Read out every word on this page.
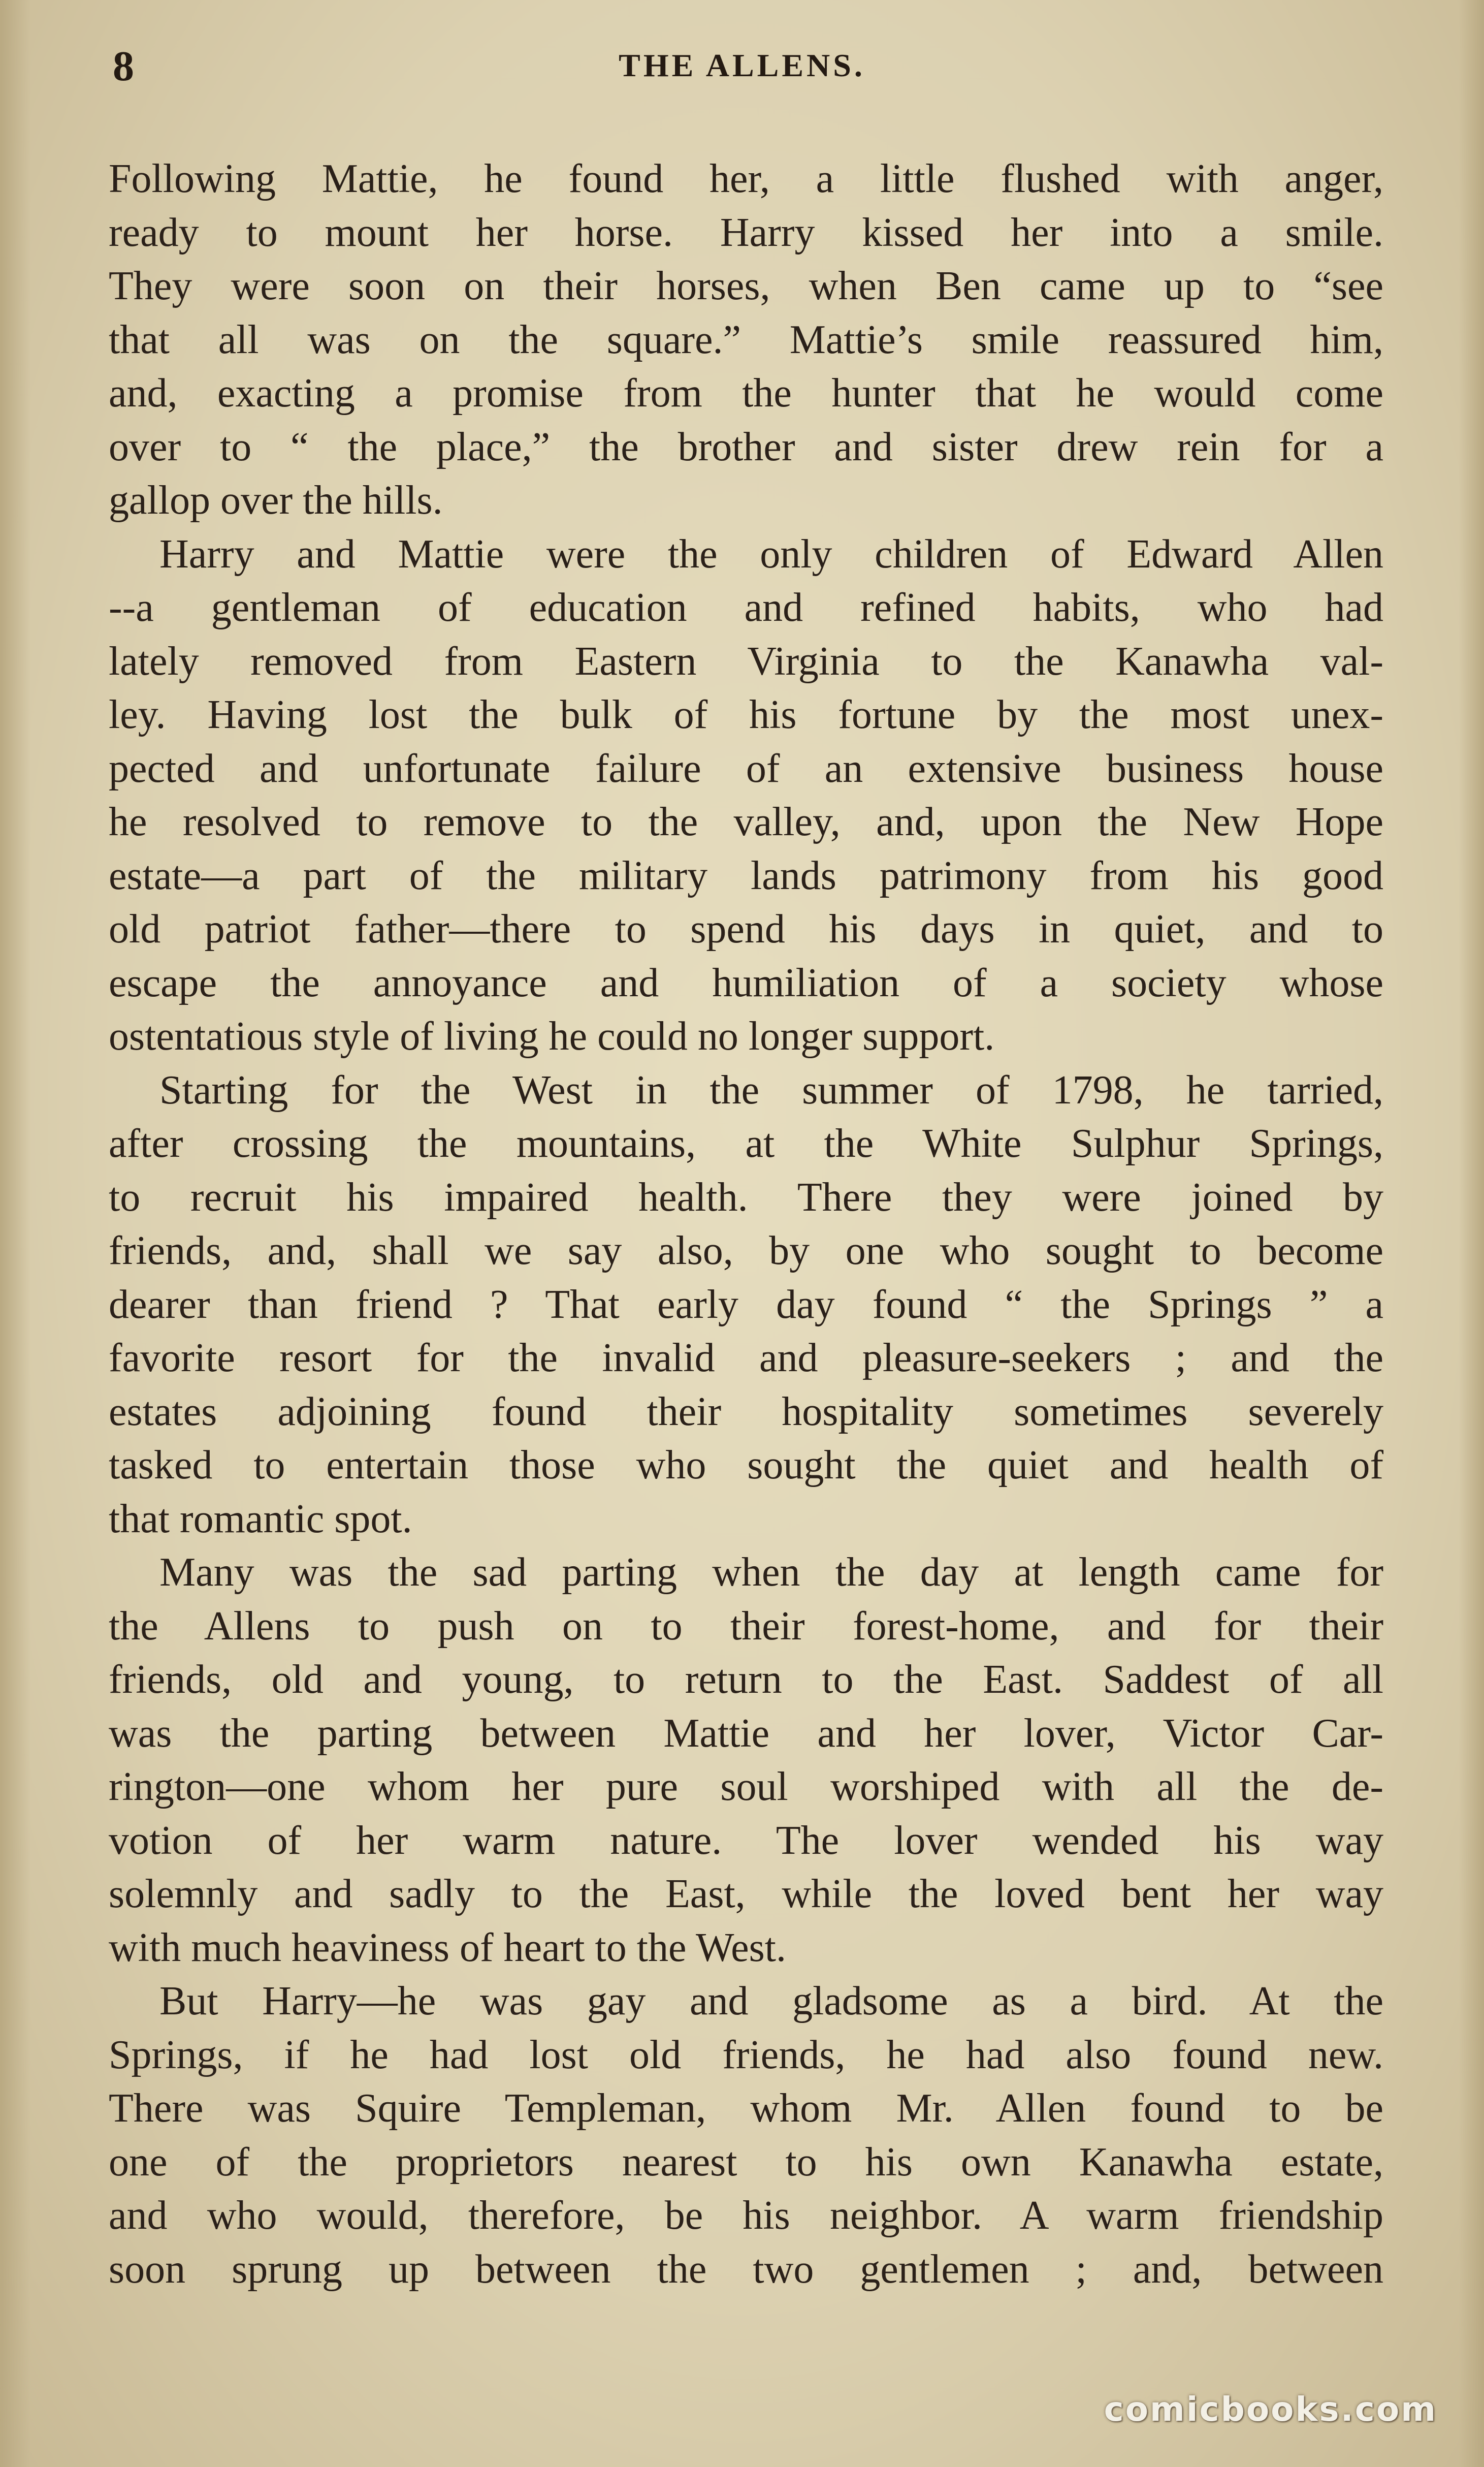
8	THE ALLENS.
Following Mattie, he found her, a little flushed with anger,
ready to mount her horse. Harry kissed her into a smile.
They were soon on their horses, when Ben came up to “see
that all was on the square.” Mattie’s smile reassured him,
and, exacting a promise from the hunter that he would come
over to “ the place,” the brother and sister drew rein for a
gallop over the hills.
Harry and Mattie were the only children of Edward Allen
--a gentleman of education and refined habits, who had
lately removed from Eastern Virginia to the Kanawha val-
ley. Having lost the bulk of his fortune by the most unex-
pected and unfortunate failure of an extensive business house
he resolved to remove to the valley, and, upon the New Hope
estate—a part of the military lands patrimony from his good
old patriot father—there to spend his days in quiet, and to
escape the annoyance and humiliation of a society whose
ostentatious style of living he could no longer support.
Starting for the West in the summer of 1798, he tarried,
after crossing the mountains, at the White Sulphur Springs,
to recruit his impaired health. There they were joined by
friends, and, shall we say also, by one who sought to become
dearer than friend ? That early day found “ the Springs ” a
favorite resort for the invalid and pleasure-seekers ; and the
estates adjoining found their hospitality sometimes severely
tasked to entertain those who sought the quiet and health of
that romantic spot.
Many was the sad parting when the day at length came for
the Allens to push on to their forest-home, and for their
friends, old and young, to return to the East. Saddest of all
was the parting between Mattie and her lover, Victor Car-
rington—one whom her pure soul worshiped with all the de-
votion of her warm nature. The lover wended his way
solemnly and sadly to the East, while the loved bent her way
with much heaviness of heart to the West.
But Harry—he was gay and gladsome as a bird. At the
Springs, if he had lost old friends, he had also found new.
There was Squire Templeman, whom Mr. Allen found to be
one of the proprietors nearest to his own Kanawha estate,
and who would, therefore, be his neighbor. A warm friendship
soon sprung up between the two gentlemen ; and, between
comicbooks.com
